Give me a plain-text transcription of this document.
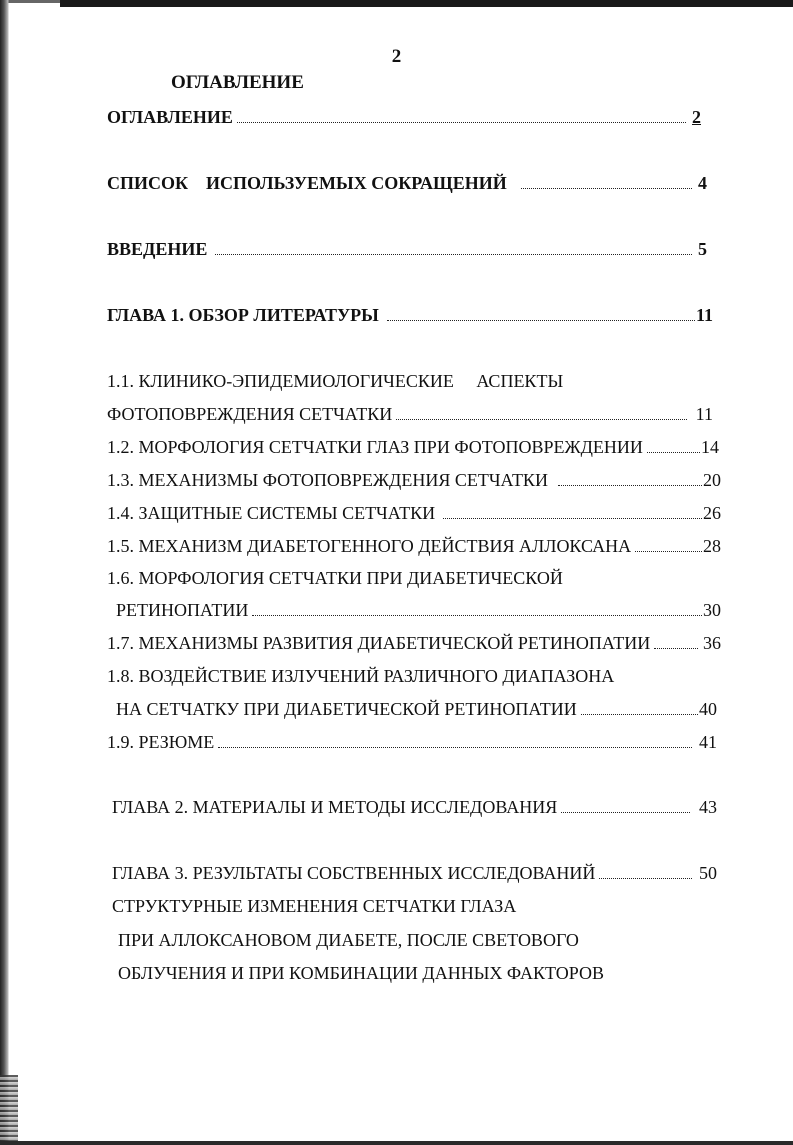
2
ОГЛАВЛЕНИЕ
ОГЛАВЛЕНИЕ	2
СПИСОК    ИСПОЛЬЗУЕМЫХ СОКРАЩЕНИЙ	4
ВВЕДЕНИЕ	5
ГЛАВА 1. ОБЗОР ЛИТЕРАТУРЫ	11
1.1. КЛИНИКО-ЭПИДЕМИОЛОГИЧЕСКИЕ     АСПЕКТЫ
ФОТОПОВРЕЖДЕНИЯ СЕТЧАТКИ	11
1.2. МОРФОЛОГИЯ СЕТЧАТКИ ГЛАЗ ПРИ ФОТОПОВРЕЖДЕНИИ	14
1.3. МЕХАНИЗМЫ ФОТОПОВРЕЖДЕНИЯ СЕТЧАТКИ	20
1.4. ЗАЩИТНЫЕ СИСТЕМЫ СЕТЧАТКИ	26
1.5. МЕХАНИЗМ ДИАБЕТОГЕННОГО ДЕЙСТВИЯ АЛЛОКСАНА	28
1.6. МОРФОЛОГИЯ СЕТЧАТКИ ПРИ ДИАБЕТИЧЕСКОЙ
РЕТИНОПАТИИ	30
1.7. МЕХАНИЗМЫ РАЗВИТИЯ ДИАБЕТИЧЕСКОЙ РЕТИНОПАТИИ	36
1.8. ВОЗДЕЙСТВИЕ ИЗЛУЧЕНИЙ РАЗЛИЧНОГО ДИАПАЗОНА
НА СЕТЧАТКУ ПРИ ДИАБЕТИЧЕСКОЙ РЕТИНОПАТИИ	40
1.9. РЕЗЮМЕ	41
ГЛАВА 2. МАТЕРИАЛЫ И МЕТОДЫ ИССЛЕДОВАНИЯ	43
ГЛАВА 3. РЕЗУЛЬТАТЫ СОБСТВЕННЫХ ИССЛЕДОВАНИЙ	50
СТРУКТУРНЫЕ ИЗМЕНЕНИЯ СЕТЧАТКИ ГЛАЗА
ПРИ АЛЛОКСАНОВОМ ДИАБЕТЕ, ПОСЛЕ СВЕТОВОГО
ОБЛУЧЕНИЯ И ПРИ КОМБИНАЦИИ ДАННЫХ ФАКТОРОВ
